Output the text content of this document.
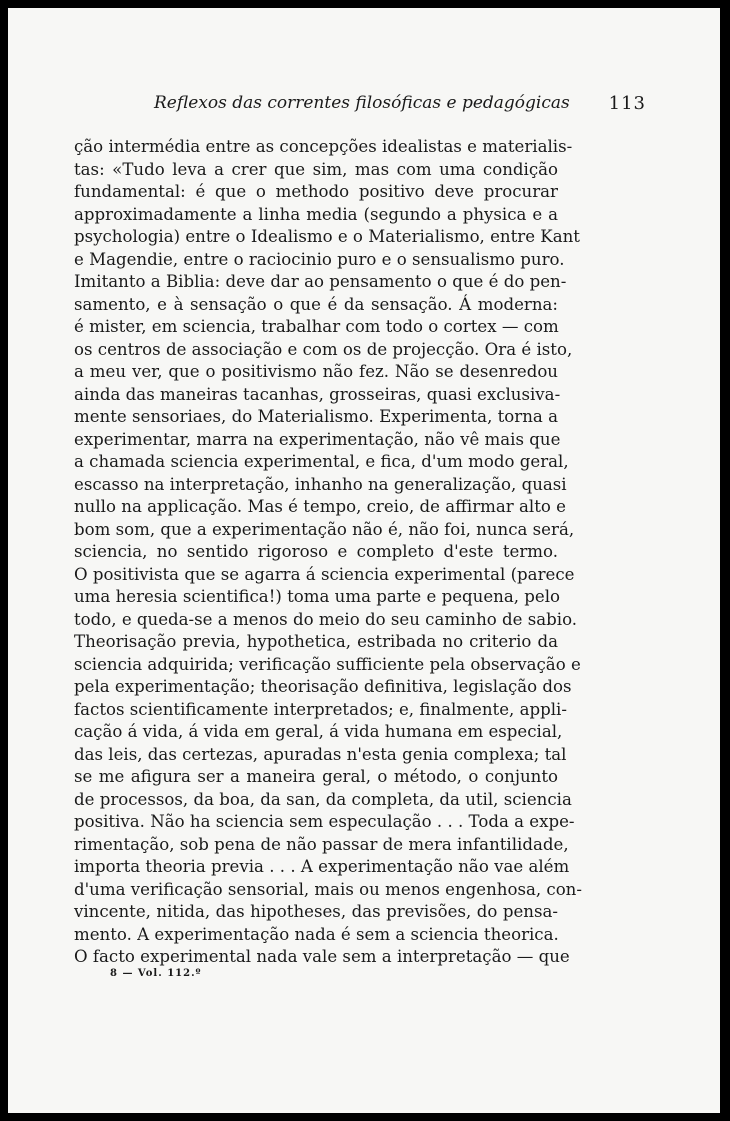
Reflexos das correntes filosóficas e pedagógicas 113
ção intermédia entre as concepções idealistas e materialis-
tas: «Tudo leva a crer que sim, mas com uma condição
fundamental: é que o methodo positivo deve procurar
approximadamente a linha media (segundo a physica e a
psychologia) entre o Idealismo e o Materialismo, entre Kant
e Magendie, entre o raciocinio puro e o sensualismo puro.
Imitanto a Biblia: deve dar ao pensamento o que é do pen-
samento, e à sensação o que é da sensação. Á moderna:
é mister, em sciencia, trabalhar com todo o cortex — com
os centros de associação e com os de projecção. Ora é isto,
a meu ver, que o positivismo não fez. Não se desenredou
ainda das maneiras tacanhas, grosseiras, quasi exclusiva-
mente sensoriaes, do Materialismo. Experimenta, torna a
experimentar, marra na experimentação, não vê mais que
a chamada sciencia experimental, e fica, d'um modo geral,
escasso na interpretação, inhanho na generalização, quasi
nullo na applicação. Mas é tempo, creio, de affirmar alto e
bom som, que a experimentação não é, não foi, nunca será,
sciencia, no sentido rigoroso e completo d'este termo.
O positivista que se agarra á sciencia experimental (parece
uma heresia scientifica!) toma uma parte e pequena, pelo
todo, e queda-se a menos do meio do seu caminho de sabio.
Theorisação previa, hypothetica, estribada no criterio da
sciencia adquirida; verificação sufficiente pela observação e
pela experimentação; theorisação definitiva, legislação dos
factos scientificamente interpretados; e, finalmente, appli-
cação á vida, á vida em geral, á vida humana em especial,
das leis, das certezas, apuradas n'esta genia complexa; tal
se me afigura ser a maneira geral, o método, o conjunto
de processos, da boa, da san, da completa, da util, sciencia
positiva. Não ha sciencia sem especulação . . . Toda a expe-
rimentação, sob pena de não passar de mera infantilidade,
importa theoria previa . . . A experimentação não vae além
d'uma verificação sensorial, mais ou menos engenhosa, con-
vincente, nitida, das hipotheses, das previsões, do pensa-
mento. A experimentação nada é sem a sciencia theorica.
O facto experimental nada vale sem a interpretação — que
8 — Vol. 112.º
